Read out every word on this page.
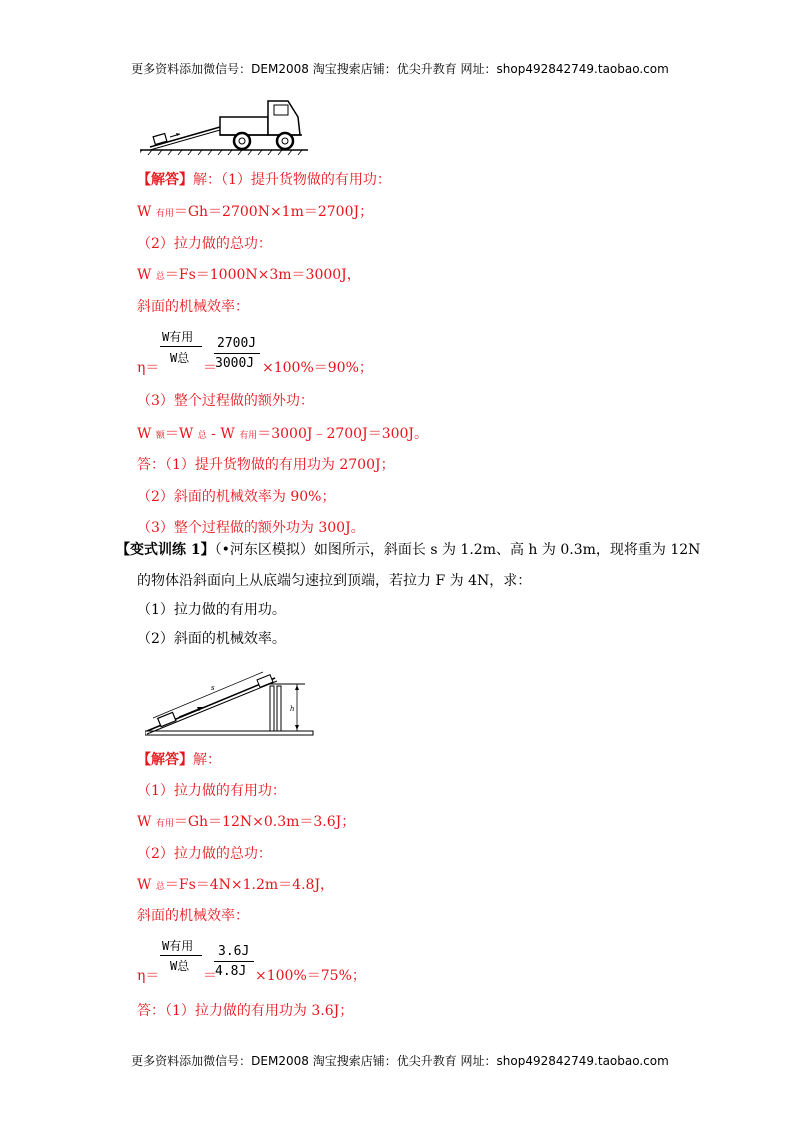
更多资料添加微信号：DEM2008 淘宝搜索店铺：优尖升教育 网址：shop492842749.taobao.com
【解答】解：（1）提升货物做的有用功：
W 有用＝Gh＝2700N×1m＝2700J；
（2）拉力做的总功：
W 总＝Fs＝1000N×3m＝3000J，
斜面的机械效率：
η＝
W有用
W总
＝
2700J
3000J ×100%＝90%；
（3）整个过程做的额外功：
W 额＝W 总 - W 有用＝3000J﹣2700J＝300J。
答：（1）提升货物做的有用功为 2700J；
（2）斜面的机械效率为 90%；
（3）整个过程做的额外功为 300J。
【变式训练 1】（•河东区模拟）如图所示，斜面长 s 为 1.2m、高 h 为 0.3m，现将重为 12N
的物体沿斜面向上从底端匀速拉到顶端，若拉力 F 为 4N，求：
（1）拉力做的有用功。
（2）斜面的机械效率。
s
h
【解答】解：
（1）拉力做的有用功：
W 有用＝Gh＝12N×0.3m＝3.6J；
（2）拉力做的总功：
W 总＝Fs＝4N×1.2m＝4.8J，
斜面的机械效率：
η＝
W有用
W总
＝
3.6J
4.8J ×100%＝75%；
答：（1）拉力做的有用功为 3.6J；
更多资料添加微信号：DEM2008 淘宝搜索店铺：优尖升教育 网址：shop492842749.taobao.com
